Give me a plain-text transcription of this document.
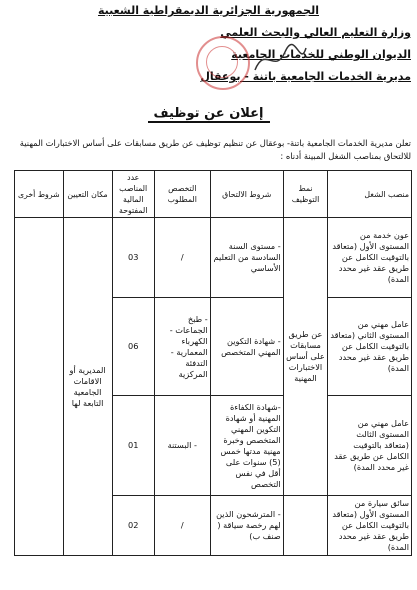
الجمهورية الجزائرية الديمقراطية الشعبية
وزارة التعليم العالي والبحث العلمي
الديوان الوطني للخدمات الجامعية
مديرية الخدمات الجامعية باتنة - بوعقال
إعلان عن توظيف
تعلن مديرية الخدمات الجامعية باتنة- بوعقال عن تنظيم توظيف عن طريق مسابقات على أساس الاختبارات المهنية للالتحاق بمناصب الشغل المبينة أدناه :
منصب الشغل	نمط التوظيف	شروط الالتحاق	التخصص المطلوب	عدد المناصب المالية المفتوحة	مكان التعيين	شروط أخرى
عون خدمة من المستوى الأول (متعاقد بالتوقيت الكامل عن طريق عقد غير محدد المدة)	عن طريق مسابقات على أساس الاختبارات المهنية	- مستوى السنة السادسة من التعليم الأساسي	/	03	المديرية أو الاقامات الجامعية التابعة لها	
عامل مهني من المستوى الثاني (متعاقد بالتوقيت الكامل عن طريق عقد غير محدد المدة)		- شهادة التكوين المهني المتخصص	- طبخ الجماعات - الكهرباء المعمارية - التدفئة المركزية	06		
عامل مهني من المستوى الثالث (متعاقد بالتوقيت الكامل عن طريق عقد غير محدد المدة)		-شهادة الكفاءة المهنية أو شهادة التكوين المهني المتخصص وخبرة مهنية مدتها خمس (5) سنوات على أقل في نفس التخصص	- البستنة	01		
سائق سيارة من المستوى الأول (متعاقد بالتوقيت الكامل عن طريق عقد غير محدد المدة)		- المترشحون الذين لهم رخصة سياقة ( صنف ب)	/	02		
